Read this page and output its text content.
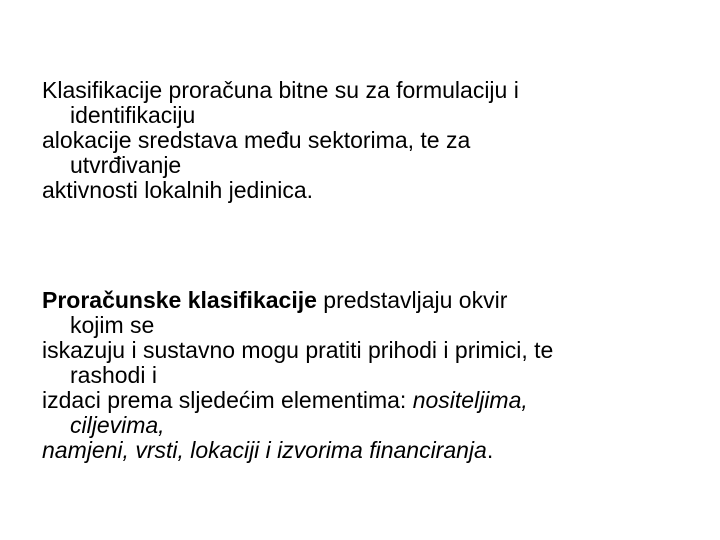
Klasifikacije proračuna bitne su za formulaciju i
identifikaciju
alokacije sredstava među sektorima, te za
utvrđivanje
aktivnosti lokalnih jedinica.

Proračunske klasifikacije predstavljaju okvir
kojim se
iskazuju i sustavno mogu pratiti prihodi i primici, te
rashodi i
izdaci prema sljedećim elementima: nositeljima,
ciljevima,
namjeni, vrsti, lokaciji i izvorima financiranja.
